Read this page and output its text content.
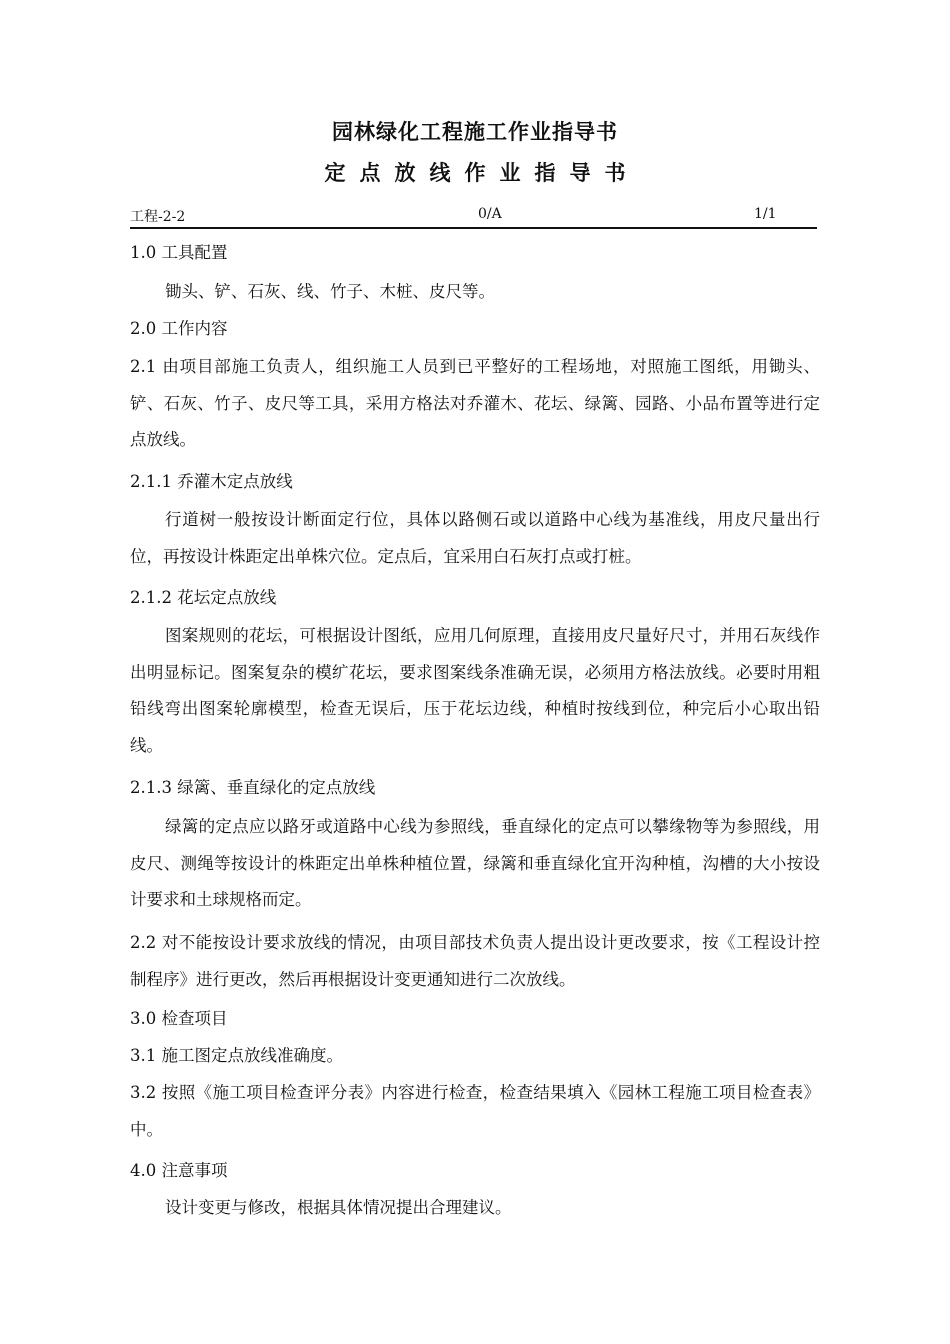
园林绿化工程施工作业指导书
定点放线作业指导书
工程-2-2	0/A	1/1
1.0 工具配置
锄头、铲、石灰、线、竹子、木桩、皮尺等。
2.0 工作内容
2.1 由项目部施工负责人，组织施工人员到已平整好的工程场地，对照施工图纸，用锄头、铲、石灰、竹子、皮尺等工具，采用方格法对乔灌木、花坛、绿篱、园路、小品布置等进行定点放线。
2.1.1 乔灌木定点放线
行道树一般按设计断面定行位，具体以路侧石或以道路中心线为基准线，用皮尺量出行位，再按设计株距定出单株穴位。定点后，宜采用白石灰打点或打桩。
2.1.2 花坛定点放线
图案规则的花坛，可根据设计图纸，应用几何原理，直接用皮尺量好尺寸，并用石灰线作出明显标记。图案复杂的模纩花坛，要求图案线条准确无误，必须用方格法放线。必要时用粗铅线弯出图案轮廓模型，检查无误后，压于花坛边线，种植时按线到位，种完后小心取出铅线。
2.1.3 绿篱、垂直绿化的定点放线
绿篱的定点应以路牙或道路中心线为参照线，垂直绿化的定点可以攀缘物等为参照线，用皮尺、测绳等按设计的株距定出单株种植位置，绿篱和垂直绿化宜开沟种植，沟槽的大小按设计要求和土球规格而定。
2.2 对不能按设计要求放线的情况，由项目部技术负责人提出设计更改要求，按《工程设计控制程序》进行更改，然后再根据设计变更通知进行二次放线。
3.0 检查项目
3.1 施工图定点放线准确度。
3.2 按照《施工项目检查评分表》内容进行检查，检查结果填入《园林工程施工项目检查表》中。
4.0 注意事项
设计变更与修改，根据具体情况提出合理建议。
